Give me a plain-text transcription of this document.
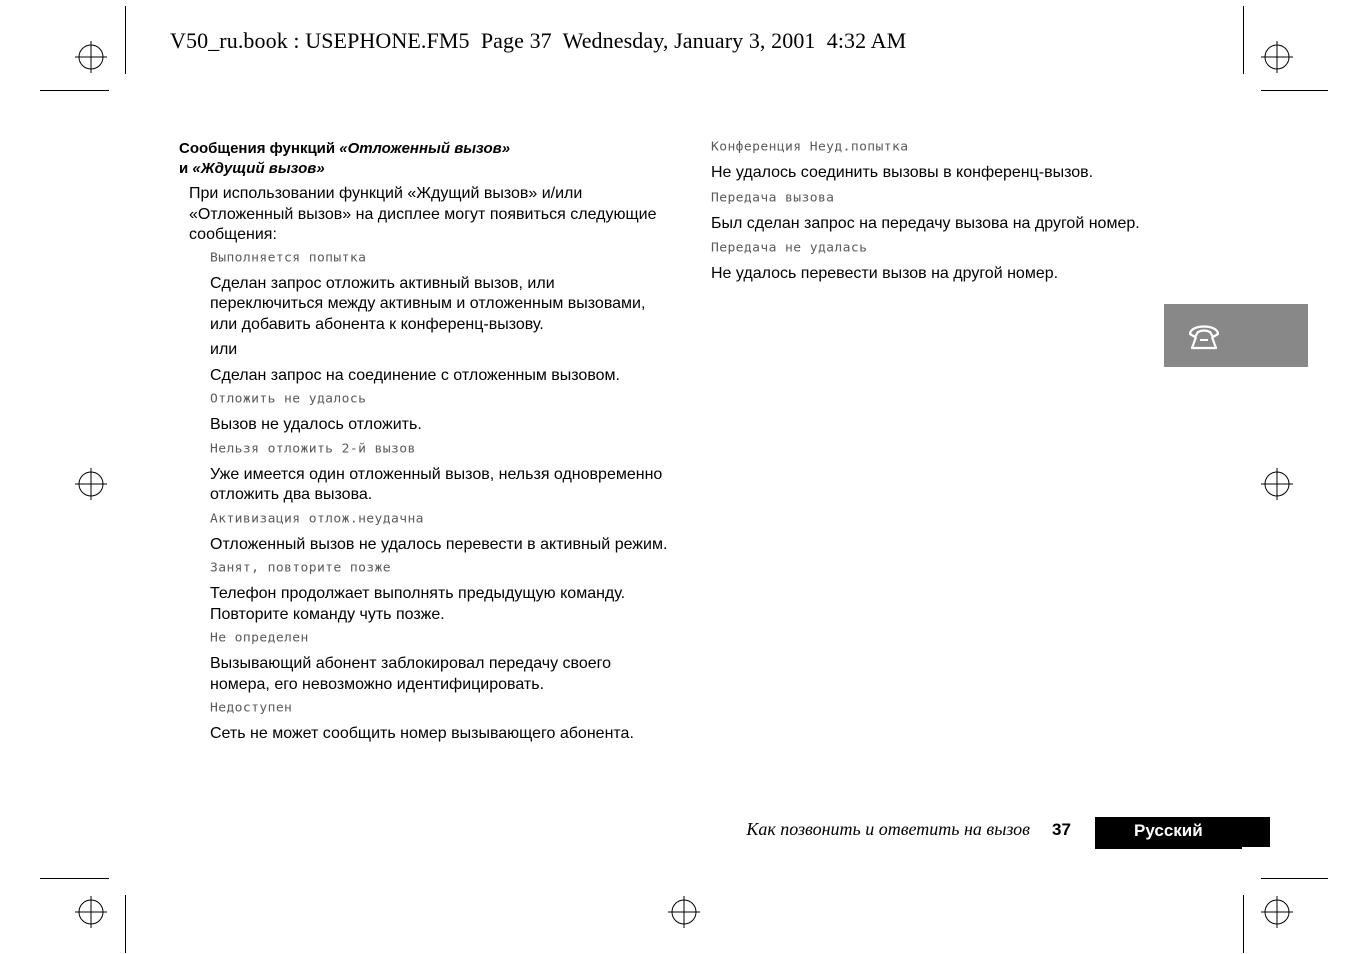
V50_ru.book : USEPHONE.FM5  Page 37  Wednesday, January 3, 2001  4:32 AM
Сообщения функций «Отложенный вызов»
и «Ждущий вызов»
При использовании функций «Ждущий вызов» и/или «Отложенный вызов» на дисплее могут появиться следующие сообщения:
Выполняется попытка
Сделан запрос отложить активный вызов, или переключиться между активным и отложенным вызовами, или добавить абонента к конференц-вызову.
или
Сделан запрос на соединение с отложенным вызовом.
Отложить не удалось
Вызов не удалось отложить.
Нельзя отложить 2-й вызов
Уже имеется один отложенный вызов, нельзя одновременно отложить два вызова.
Активизация отлож.неудачна
Отложенный вызов не удалось перевести в активный режим.
Занят, повторите позже
Телефон продолжает выполнять предыдущую команду. Повторите команду чуть позже.
Не определен
Вызывающий абонент заблокировал передачу своего номера, его невозможно идентифицировать.
Недоступен
Сеть не может сообщить номер вызывающего абонента.
Конференция Неуд.попытка
Не удалось соединить вызовы в конференц-вызов.
Передача вызова
Был сделан запрос на передачу вызова на другой номер.
Передача не удалась
Не удалось перевести вызов на другой номер.
Как позвонить и ответить на вызов 37	Русский
